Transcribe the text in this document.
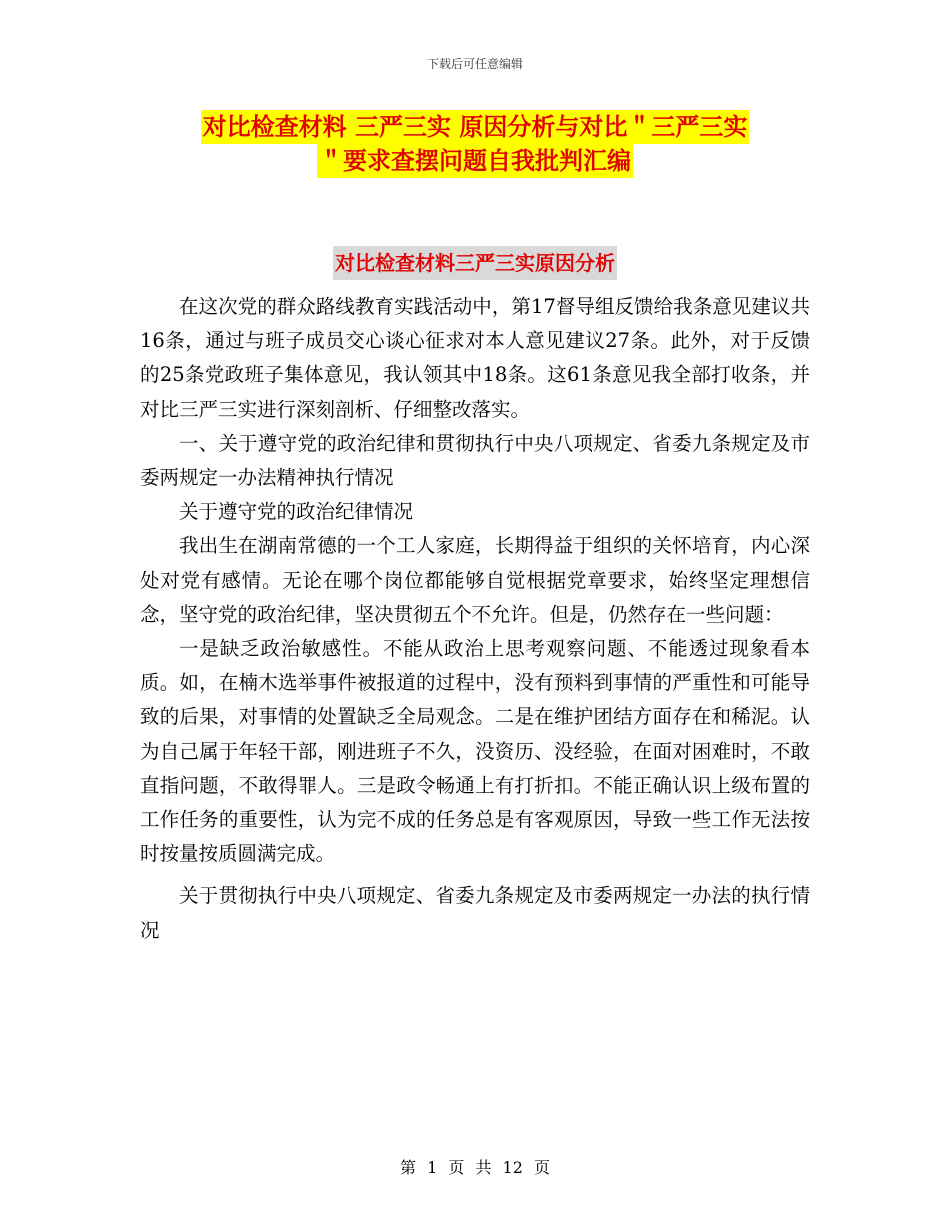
下载后可任意编辑
对比检查材料 三严三实 原因分析与对比＂三严三实
＂要求查摆问题自我批判汇编
对比检查材料三严三实原因分析

在这次党的群众路线教育实践活动中，第17督导组反馈给我条意见建议共16条，通过与班子成员交心谈心征求对本人意见建议27条。此外，对于反馈的25条党政班子集体意见，我认领其中18条。这61条意见我全部打收条，并对比三严三实进行深刻剖析、仔细整改落实。

一、关于遵守党的政治纪律和贯彻执行中央八项规定、省委九条规定及市委两规定一办法精神执行情况

关于遵守党的政治纪律情况

我出生在湖南常德的一个工人家庭，长期得益于组织的关怀培育，内心深处对党有感情。无论在哪个岗位都能够自觉根据党章要求，始终坚定理想信念，坚守党的政治纪律，坚决贯彻五个不允许。但是，仍然存在一些问题：

一是缺乏政治敏感性。不能从政治上思考观察问题、不能透过现象看本质。如，在楠木选举事件被报道的过程中，没有预料到事情的严重性和可能导致的后果，对事情的处置缺乏全局观念。二是在维护团结方面存在和稀泥。认为自己属于年轻干部，刚进班子不久，没资历、没经验，在面对困难时，不敢直指问题，不敢得罪人。三是政令畅通上有打折扣。不能正确认识上级布置的工作任务的重要性，认为完不成的任务总是有客观原因，导致一些工作无法按时按量按质圆满完成。

关于贯彻执行中央八项规定、省委九条规定及市委两规定一办法的执行情况

第 1 页 共 12 页
